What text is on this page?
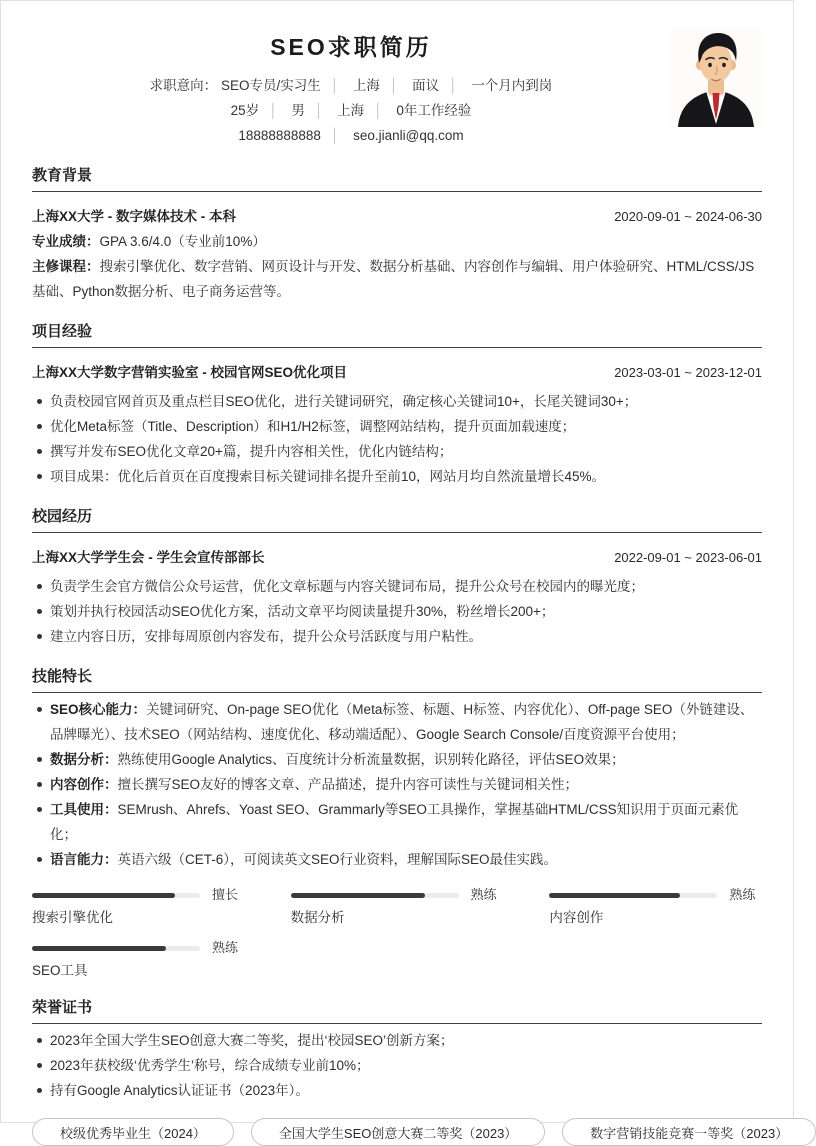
SEO求职简历
求职意向： SEO专员/实习生 │ 上海 │ 面议 │ 一个月内到岗
25岁 │ 男 │ 上海 │ 0年工作经验
18888888888 │ seo.jianli@qq.com
教育背景
上海XX大学 - 数字媒体技术 - 本科	2020-09-01 ~ 2024-06-30
专业成绩：GPA 3.6/4.0（专业前10%）
主修课程：搜索引擎优化、数字营销、网页设计与开发、数据分析基础、内容创作与编辑、用户体验研究、HTML/CSS/JS基础、Python数据分析、电子商务运营等。
项目经验
上海XX大学数字营销实验室 - 校园官网SEO优化项目	2023-03-01 ~ 2023-12-01
负责校园官网首页及重点栏目SEO优化，进行关键词研究，确定核心关键词10+，长尾关键词30+；
优化Meta标签（Title、Description）和H1/H2标签，调整网站结构，提升页面加载速度；
撰写并发布SEO优化文章20+篇，提升内容相关性，优化内链结构；
项目成果：优化后首页在百度搜索目标关键词排名提升至前10，网站月均自然流量增长45%。
校园经历
上海XX大学学生会 - 学生会宣传部部长	2022-09-01 ~ 2023-06-01
负责学生会官方微信公众号运营，优化文章标题与内容关键词布局，提升公众号在校园内的曝光度；
策划并执行校园活动SEO优化方案，活动文章平均阅读量提升30%，粉丝增长200+；
建立内容日历，安排每周原创内容发布，提升公众号活跃度与用户粘性。
技能特长
SEO核心能力：关键词研究、On-page SEO优化（Meta标签、标题、H标签、内容优化）、Off-page SEO（外链建设、品牌曝光）、技术SEO（网站结构、速度优化、移动端适配）、Google Search Console/百度资源平台使用；
数据分析：熟练使用Google Analytics、百度统计分析流量数据，识别转化路径，评估SEO效果；
内容创作：擅长撰写SEO友好的博客文章、产品描述，提升内容可读性与关键词相关性；
工具使用：SEMrush、Ahrefs、Yoast SEO、Grammarly等SEO工具操作，掌握基础HTML/CSS知识用于页面元素优化；
语言能力：英语六级（CET-6），可阅读英文SEO行业资料，理解国际SEO最佳实践。
擅长
搜索引擎优化
熟练
数据分析
熟练
内容创作
熟练
SEO工具
荣誉证书
2023年全国大学生SEO创意大赛二等奖，提出‘校园SEO’创新方案；
2023年获校级‘优秀学生’称号，综合成绩专业前10%；
持有Google Analytics认证证书（2023年）。
校级优秀毕业生（2024）	全国大学生SEO创意大赛二等奖（2023）	数字营销技能竞赛一等奖（2023）
